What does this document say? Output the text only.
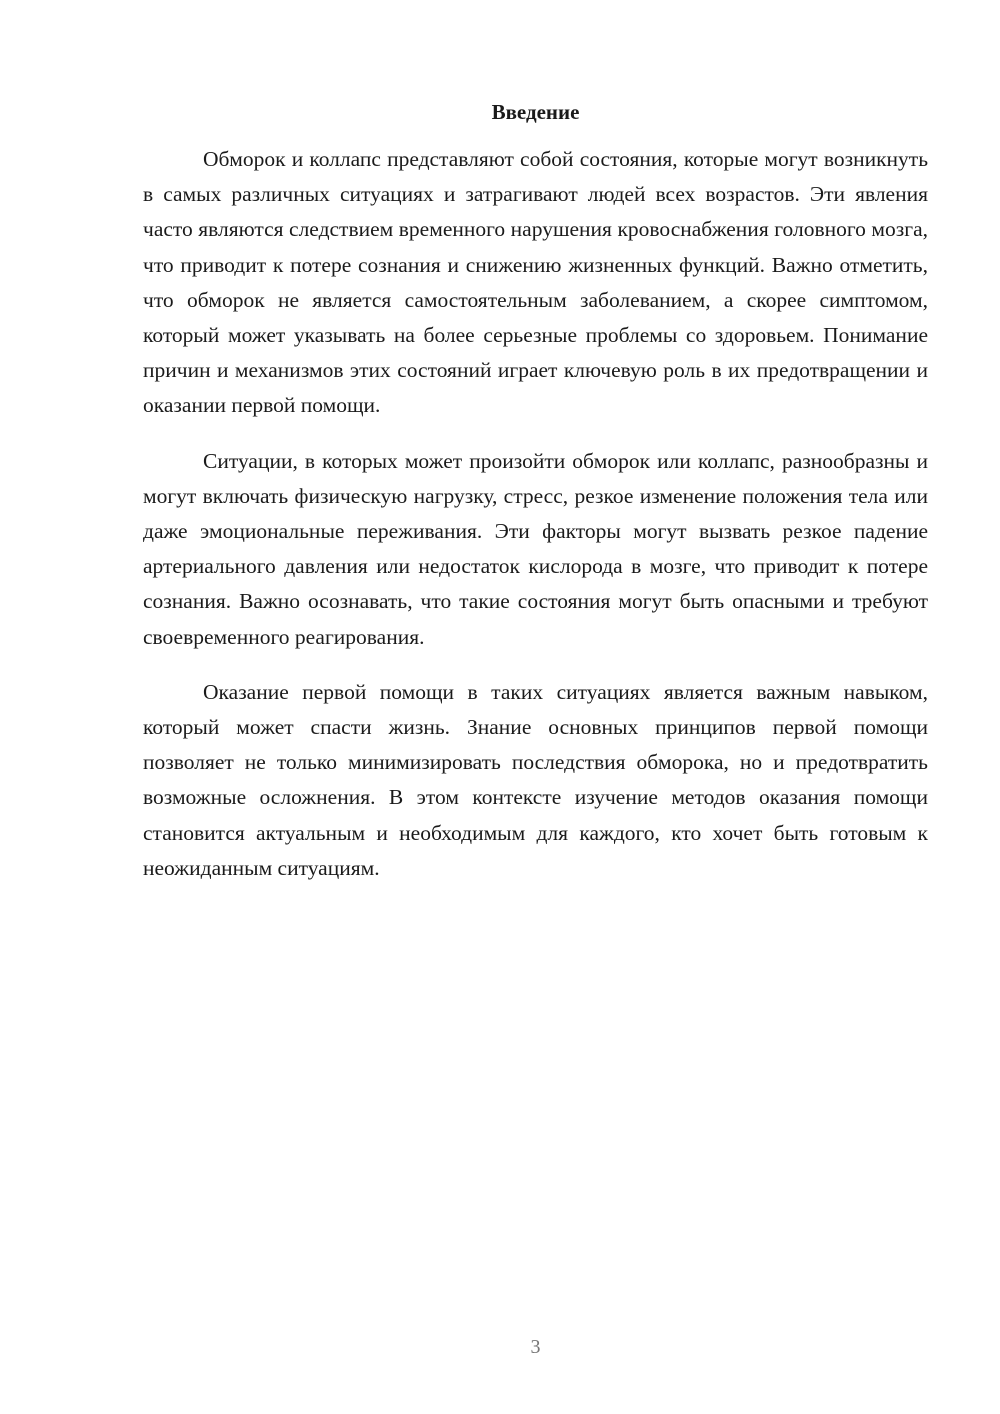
Введение

Обморок и коллапс представляют собой состояния, которые могут возникнуть в самых различных ситуациях и затрагивают людей всех возрастов. Эти явления часто являются следствием временного нарушения кровоснабжения головного мозга, что приводит к потере сознания и снижению жизненных функций. Важно отметить, что обморок не является самостоятельным заболеванием, а скорее симптомом, который может указывать на более серьезные проблемы со здоровьем. Понимание причин и механизмов этих состояний играет ключевую роль в их предотвращении и оказании первой помощи.

Ситуации, в которых может произойти обморок или коллапс, разнообразны и могут включать физическую нагрузку, стресс, резкое изменение положения тела или даже эмоциональные переживания. Эти факторы могут вызвать резкое падение артериального давления или недостаток кислорода в мозге, что приводит к потере сознания. Важно осознавать, что такие состояния могут быть опасными и требуют своевременного реагирования.

Оказание первой помощи в таких ситуациях является важным навыком, который может спасти жизнь. Знание основных принципов первой помощи позволяет не только минимизировать последствия обморока, но и предотвратить возможные осложнения. В этом контексте изучение методов оказания помощи становится актуальным и необходимым для каждого, кто хочет быть готовым к неожиданным ситуациям.

3
